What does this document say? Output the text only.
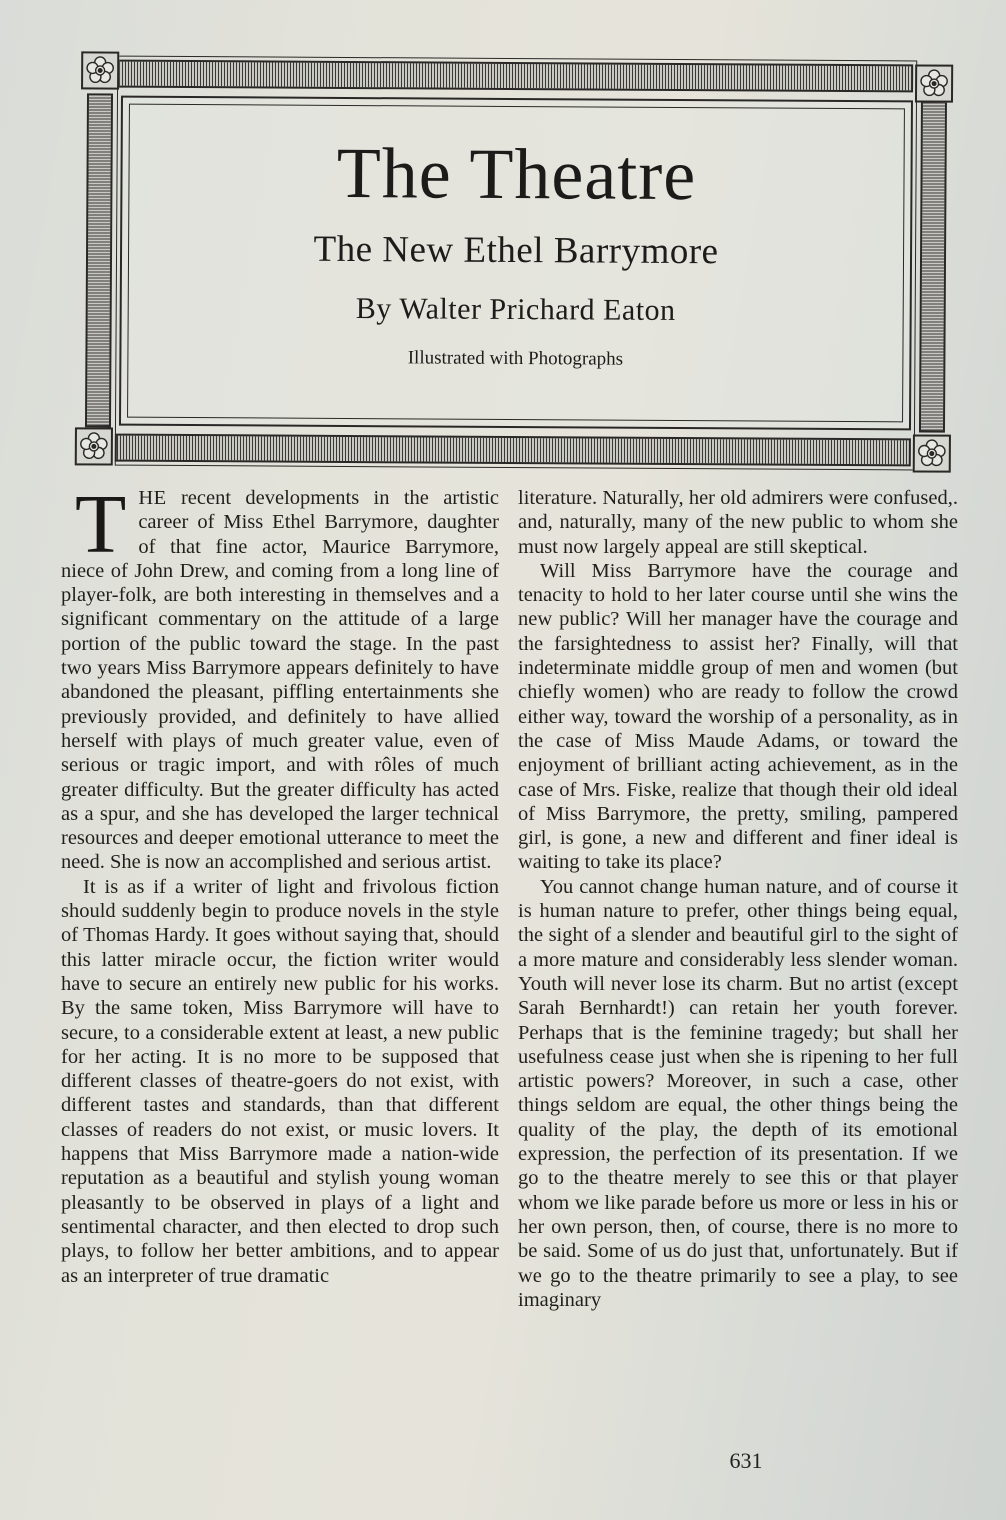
The Theatre
The New Ethel Barrymore
By Walter Prichard Eaton
Illustrated with Photographs

THE recent developments in the artistic career of Miss Ethel Barrymore, daughter of that fine actor, Maurice Barrymore, niece of John Drew, and coming from a long line of player-folk, are both interesting in themselves and a significant commentary on the attitude of a large portion of the public toward the stage. In the past two years Miss Barrymore appears definitely to have abandoned the pleasant, piffling entertainments she previously provided, and definitely to have allied herself with plays of much greater value, even of serious or tragic import, and with rôles of much greater difficulty. But the greater difficulty has acted as a spur, and she has developed the larger technical resources and deeper emotional utterance to meet the need. She is now an accomplished and serious artist.

It is as if a writer of light and frivolous fiction should suddenly begin to produce novels in the style of Thomas Hardy. It goes without saying that, should this latter miracle occur, the fiction writer would have to secure an entirely new public for his works. By the same token, Miss Barrymore will have to secure, to a considerable extent at least, a new public for her acting. It is no more to be supposed that different classes of theatre-goers do not exist, with different tastes and standards, than that different classes of readers do not exist, or music lovers. It happens that Miss Barrymore made a nation-wide reputation as a beautiful and stylish young woman pleasantly to be observed in plays of a light and sentimental character, and then elected to drop such plays, to follow her better ambitions, and to appear as an interpreter of true dramatic

literature. Naturally, her old admirers were confused,. and, naturally, many of the new public to whom she must now largely appeal are still skeptical.

Will Miss Barrymore have the courage and tenacity to hold to her later course until she wins the new public? Will her manager have the courage and the farsightedness to assist her? Finally, will that indeterminate middle group of men and women (but chiefly women) who are ready to follow the crowd either way, toward the worship of a personality, as in the case of Miss Maude Adams, or toward the enjoyment of brilliant acting achievement, as in the case of Mrs. Fiske, realize that though their old ideal of Miss Barrymore, the pretty, smiling, pampered girl, is gone, a new and different and finer ideal is waiting to take its place?

You cannot change human nature, and of course it is human nature to prefer, other things being equal, the sight of a slender and beautiful girl to the sight of a more mature and considerably less slender woman. Youth will never lose its charm. But no artist (except Sarah Bernhardt!) can retain her youth forever. Perhaps that is the feminine tragedy; but shall her usefulness cease just when she is ripening to her full artistic powers? Moreover, in such a case, other things seldom are equal, the other things being the quality of the play, the depth of its emotional expression, the perfection of its presentation. If we go to the theatre merely to see this or that player whom we like parade before us more or less in his or her own person, then, of course, there is no more to be said. Some of us do just that, unfortunately. But if we go to the theatre primarily to see a play, to see imaginary

631
